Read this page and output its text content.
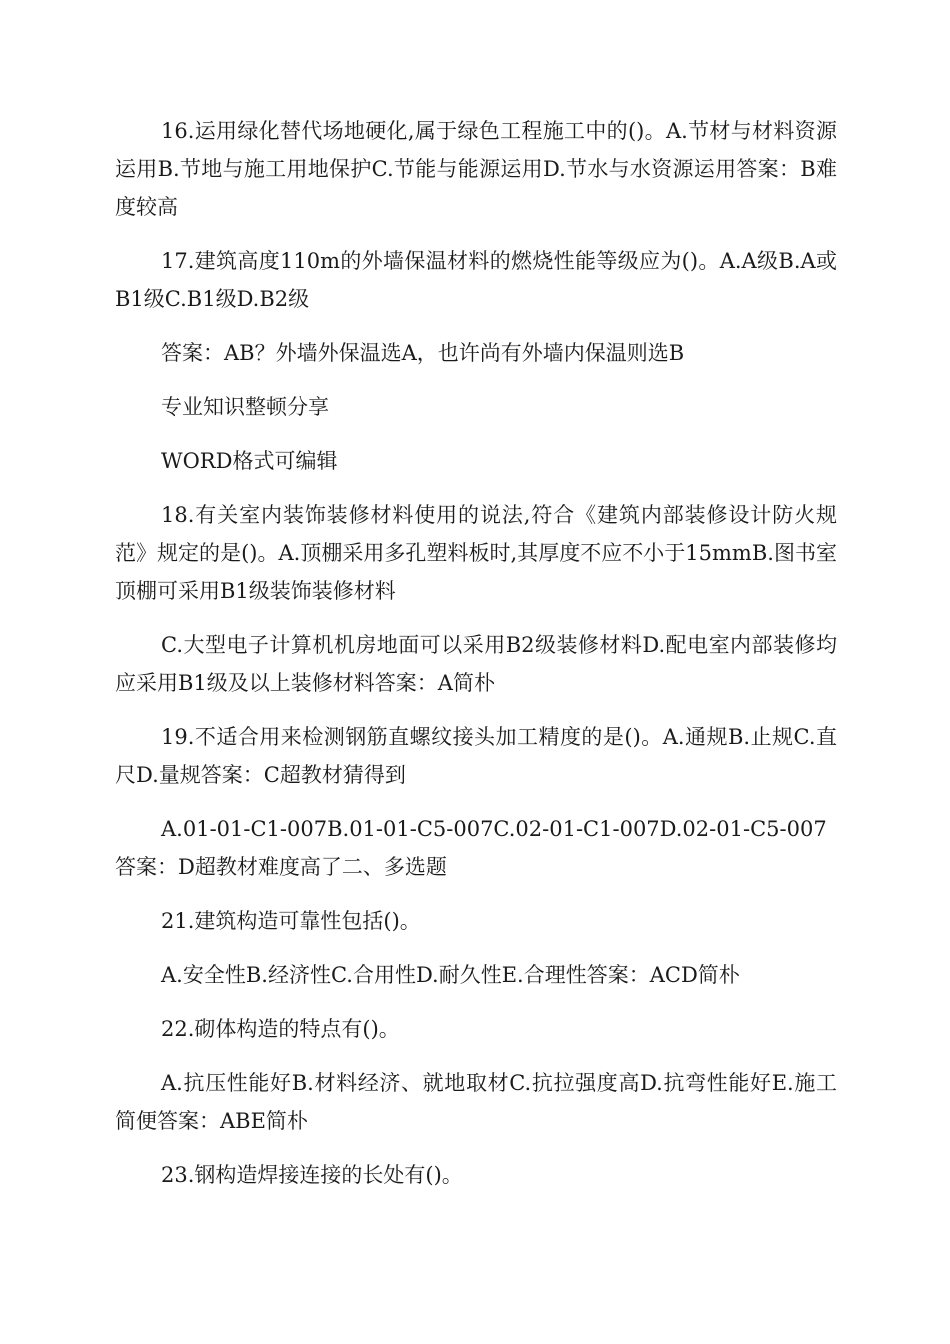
16.运用绿化替代场地硬化,属于绿色工程施工中的()。A.节材与材料资源运用B.节地与施工用地保护C.节能与能源运用D.节水与水资源运用答案：B难度较高

17.建筑高度110m的外墙保温材料的燃烧性能等级应为()。A.A级B.A或B1级C.B1级D.B2级

答案：AB？外墙外保温选A，也许尚有外墙内保温则选B

专业知识整顿分享

WORD格式可编辑

18.有关室内装饰装修材料使用的说法,符合《建筑内部装修设计防火规范》规定的是()。A.顶棚采用多孔塑料板时,其厚度不应不小于15mmB.图书室顶棚可采用B1级装饰装修材料

C.大型电子计算机机房地面可以采用B2级装修材料D.配电室内部装修均应采用B1级及以上装修材料答案：A简朴

19.不适合用来检测钢筋直螺纹接头加工精度的是()。A.通规B.止规C.直尺D.量规答案：C超教材猜得到

A.01-01-C1-007B.01-01-C5-007C.02-01-C1-007D.02-01-C5-007答案：D超教材难度高了二、多选题

21.建筑构造可靠性包括()。

A.安全性B.经济性C.合用性D.耐久性E.合理性答案：ACD简朴

22.砌体构造的特点有()。

A.抗压性能好B.材料经济、就地取材C.抗拉强度高D.抗弯性能好E.施工简便答案：ABE简朴

23.钢构造焊接连接的长处有()。
